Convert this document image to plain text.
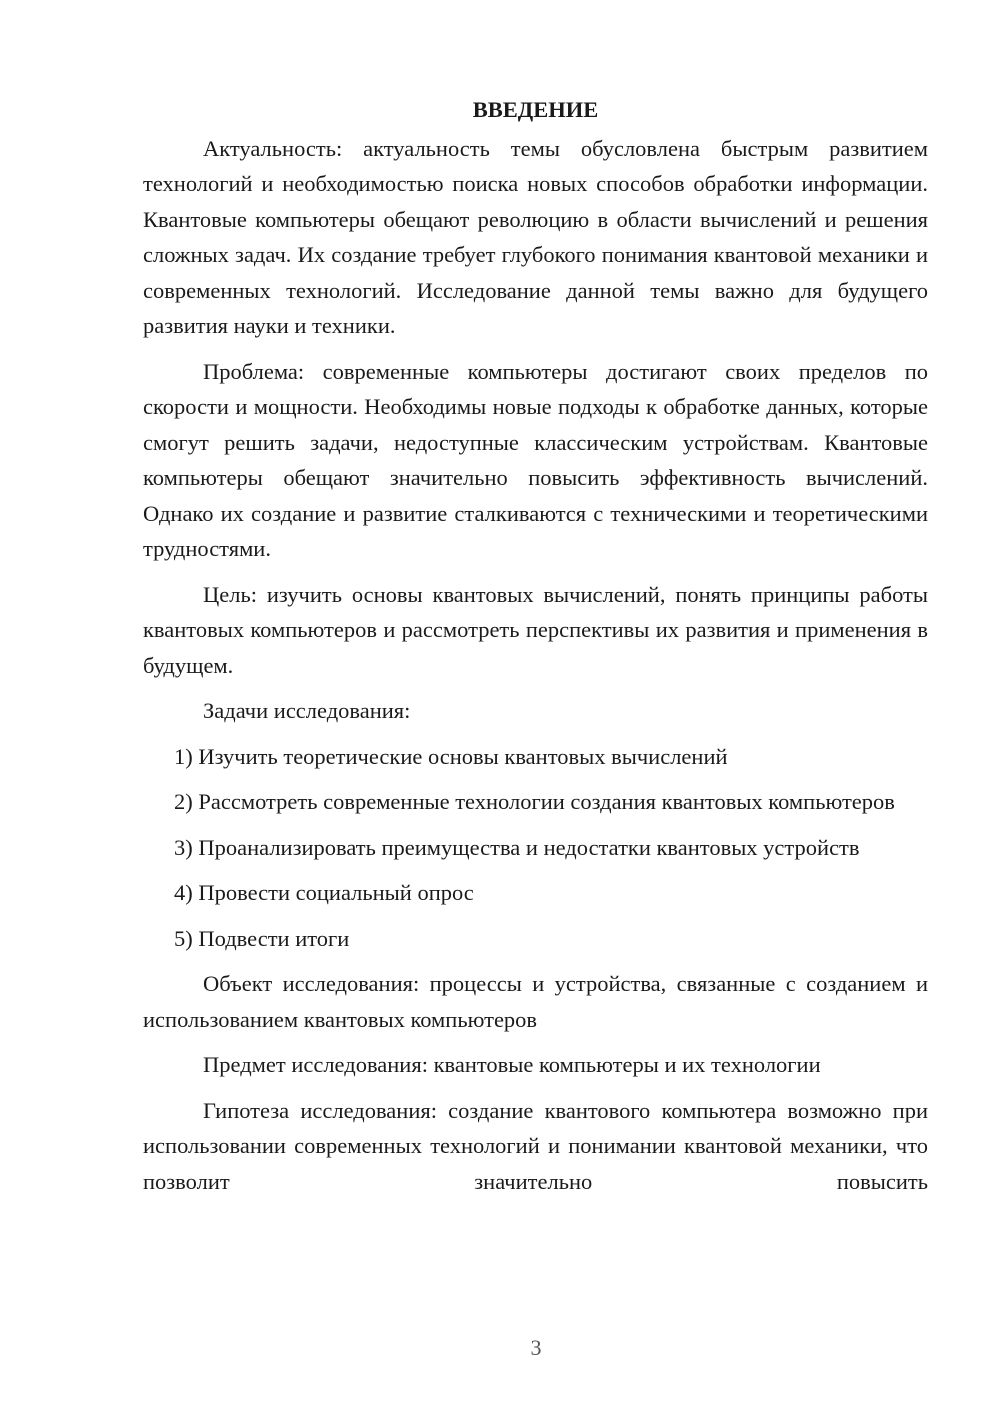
ВВЕДЕНИЕ

Актуальность: актуальность темы обусловлена быстрым развитием технологий и необходимостью поиска новых способов обработки информации. Квантовые компьютеры обещают революцию в области вычислений и решения сложных задач. Их создание требует глубокого понимания квантовой механики и современных технологий. Исследование данной темы важно для будущего развития науки и техники.

Проблема: современные компьютеры достигают своих пределов по скорости и мощности. Необходимы новые подходы к обработке данных, которые смогут решить задачи, недоступные классическим устройствам. Квантовые компьютеры обещают значительно повысить эффективность вычислений. Однако их создание и развитие сталкиваются с техническими и теоретическими трудностями.

Цель: изучить основы квантовых вычислений, понять принципы работы квантовых компьютеров и рассмотреть перспективы их развития и применения в будущем.

Задачи исследования:

1) Изучить теоретические основы квантовых вычислений

2) Рассмотреть современные технологии создания квантовых компьютеров

3) Проанализировать преимущества и недостатки квантовых устройств

4) Провести социальный опрос

5) Подвести итоги

Объект исследования: процессы и устройства, связанные с созданием и использованием квантовых компьютеров

Предмет исследования: квантовые компьютеры и их технологии

Гипотеза исследования: создание квантового компьютера возможно при использовании современных технологий и понимании квантовой механики, что позволит значительно повысить

3
